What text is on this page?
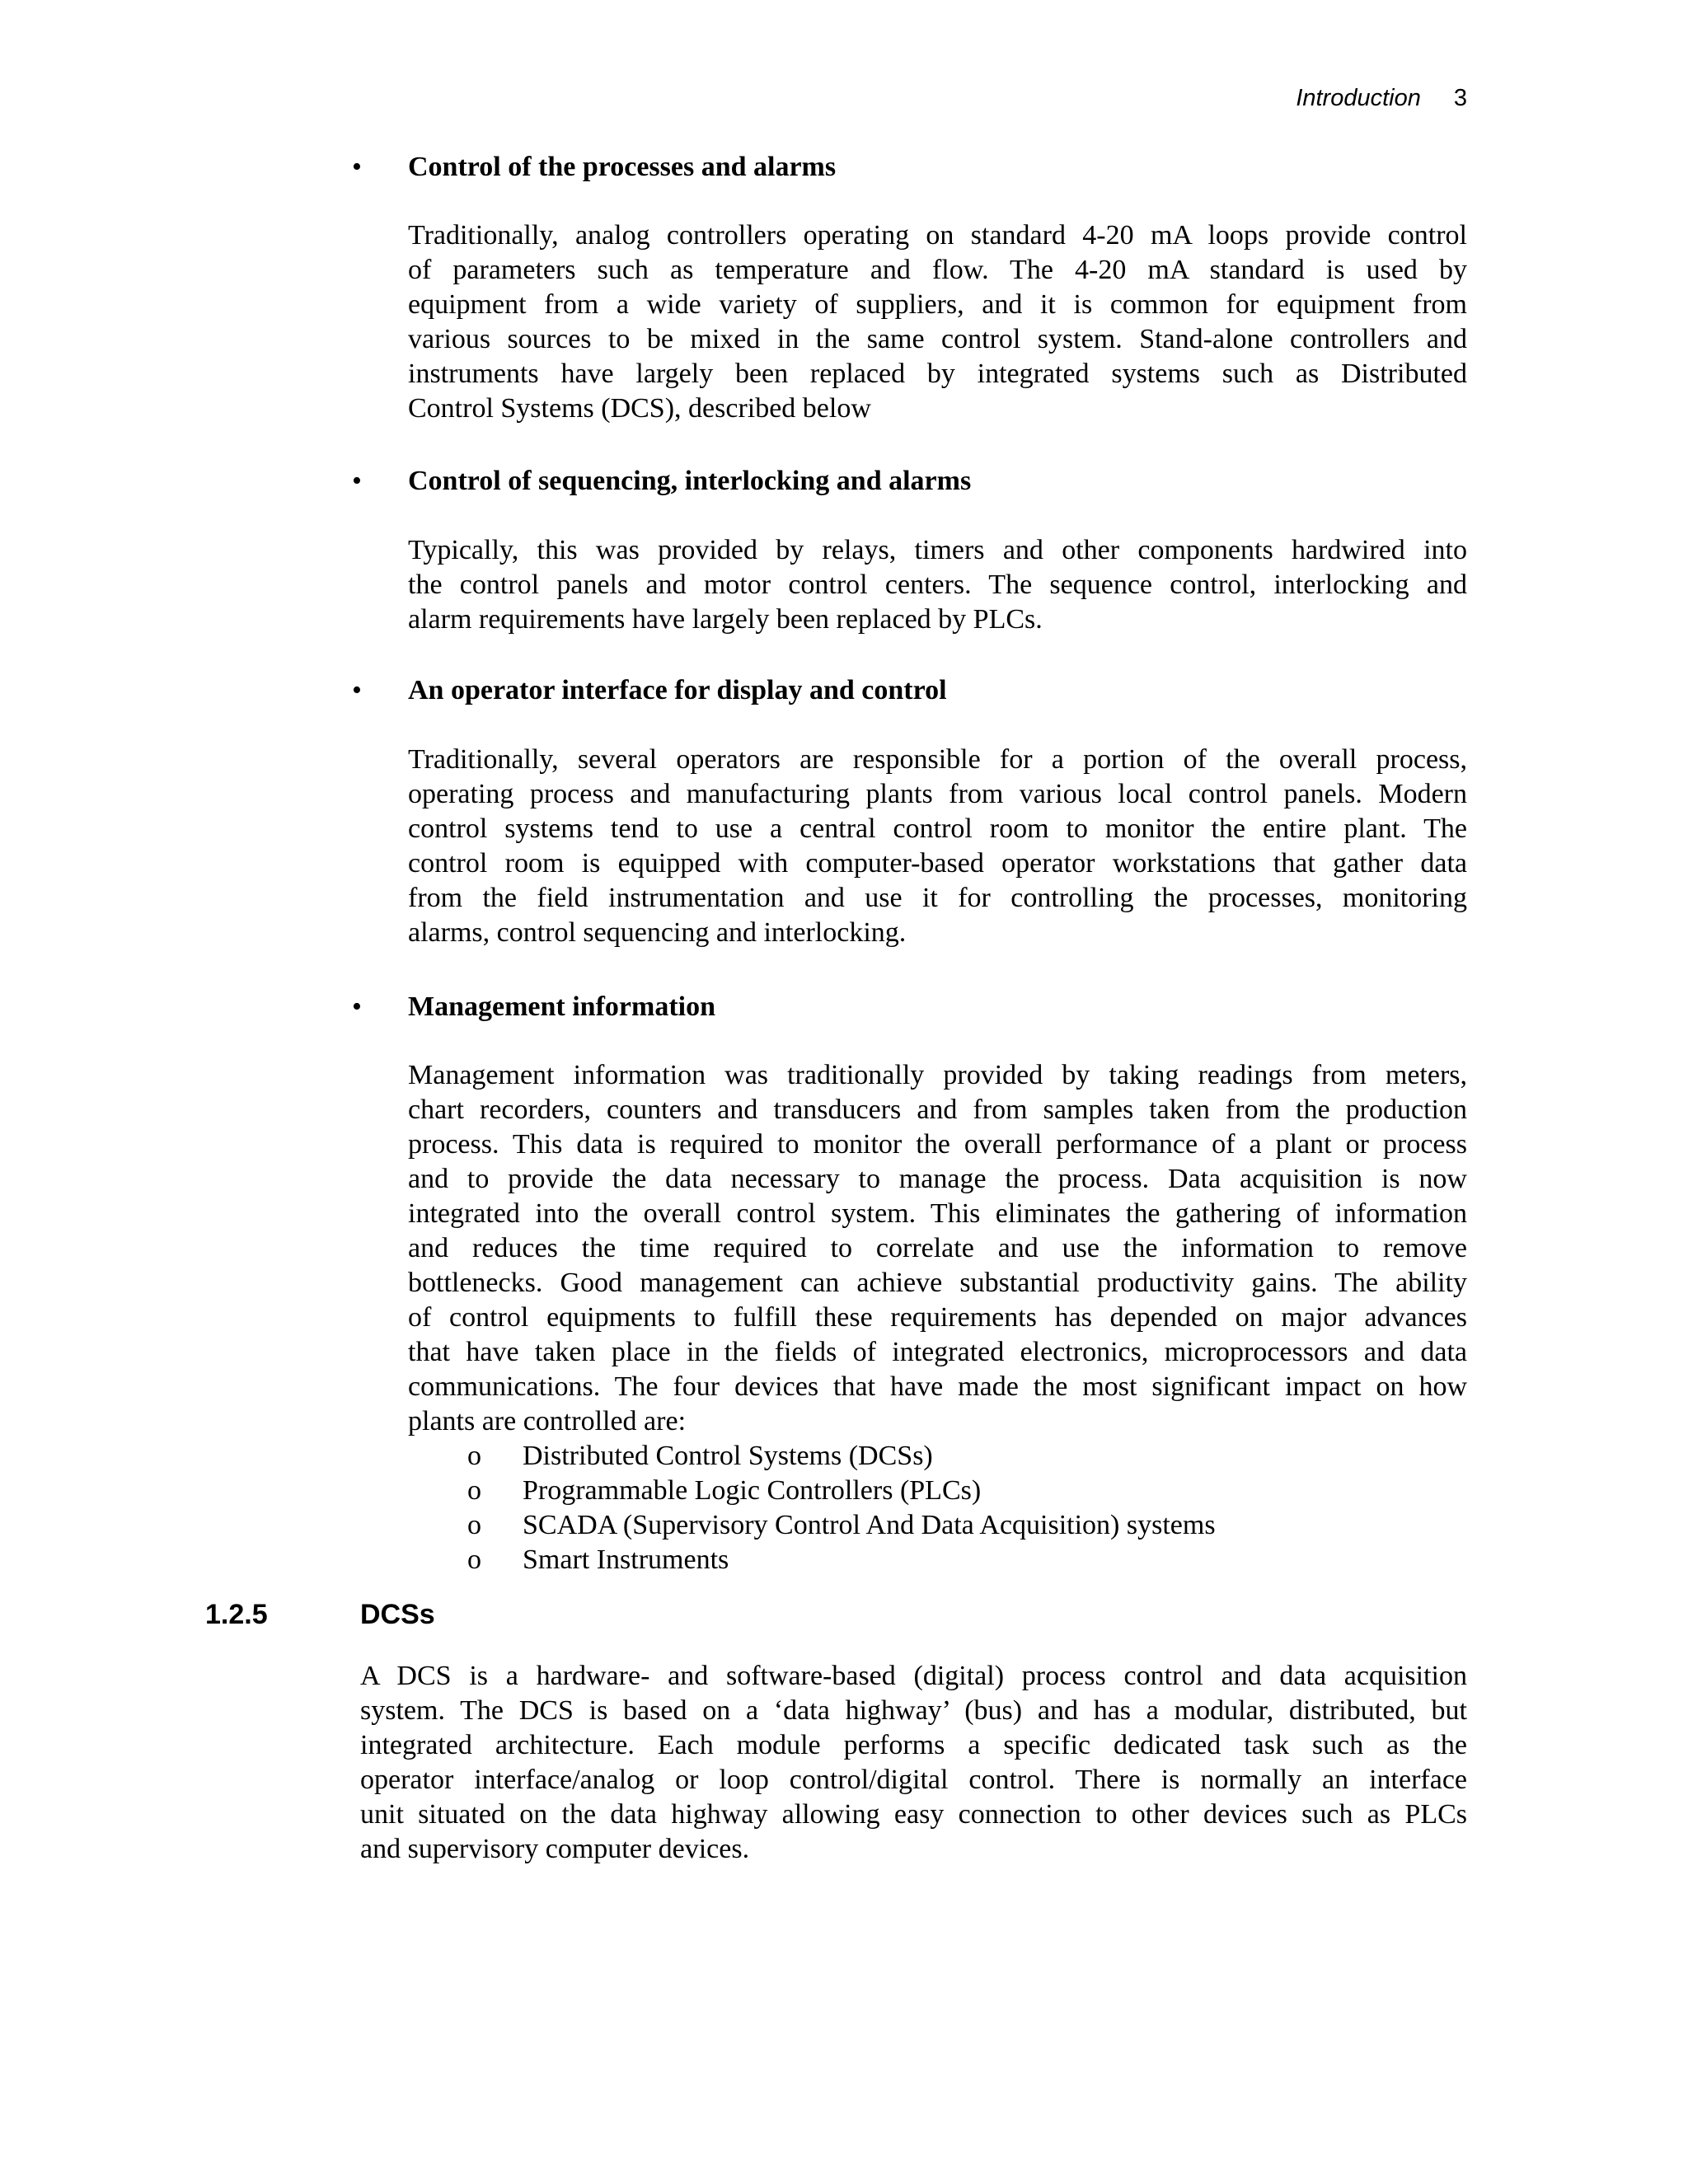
Introduction 3
• Control of the processes and alarms
Traditionally, analog controllers operating on standard 4-20 mA loops provide control
of parameters such as temperature and flow. The 4-20 mA standard is used by
equipment from a wide variety of suppliers, and it is common for equipment from
various sources to be mixed in the same control system. Stand-alone controllers and
instruments have largely been replaced by integrated systems such as Distributed
Control Systems (DCS), described below
• Control of sequencing, interlocking and alarms
Typically, this was provided by relays, timers and other components hardwired into
the control panels and motor control centers. The sequence control, interlocking and
alarm requirements have largely been replaced by PLCs.
• An operator interface for display and control
Traditionally, several operators are responsible for a portion of the overall process,
operating process and manufacturing plants from various local control panels. Modern
control systems tend to use a central control room to monitor the entire plant. The
control room is equipped with computer-based operator workstations that gather data
from the field instrumentation and use it for controlling the processes, monitoring
alarms, control sequencing and interlocking.
• Management information
Management information was traditionally provided by taking readings from meters,
chart recorders, counters and transducers and from samples taken from the production
process. This data is required to monitor the overall performance of a plant or process
and to provide the data necessary to manage the process. Data acquisition is now
integrated into the overall control system. This eliminates the gathering of information
and reduces the time required to correlate and use the information to remove
bottlenecks. Good management can achieve substantial productivity gains. The ability
of control equipments to fulfill these requirements has depended on major advances
that have taken place in the fields of integrated electronics, microprocessors and data
communications. The four devices that have made the most significant impact on how
plants are controlled are:
o Distributed Control Systems (DCSs)
o Programmable Logic Controllers (PLCs)
o SCADA (Supervisory Control And Data Acquisition) systems
o Smart Instruments
1.2.5	DCSs
A DCS is a hardware- and software-based (digital) process control and data acquisition
system. The DCS is based on a ‘data highway’ (bus) and has a modular, distributed, but
integrated architecture. Each module performs a specific dedicated task such as the
operator interface/analog or loop control/digital control. There is normally an interface
unit situated on the data highway allowing easy connection to other devices such as PLCs
and supervisory computer devices.
